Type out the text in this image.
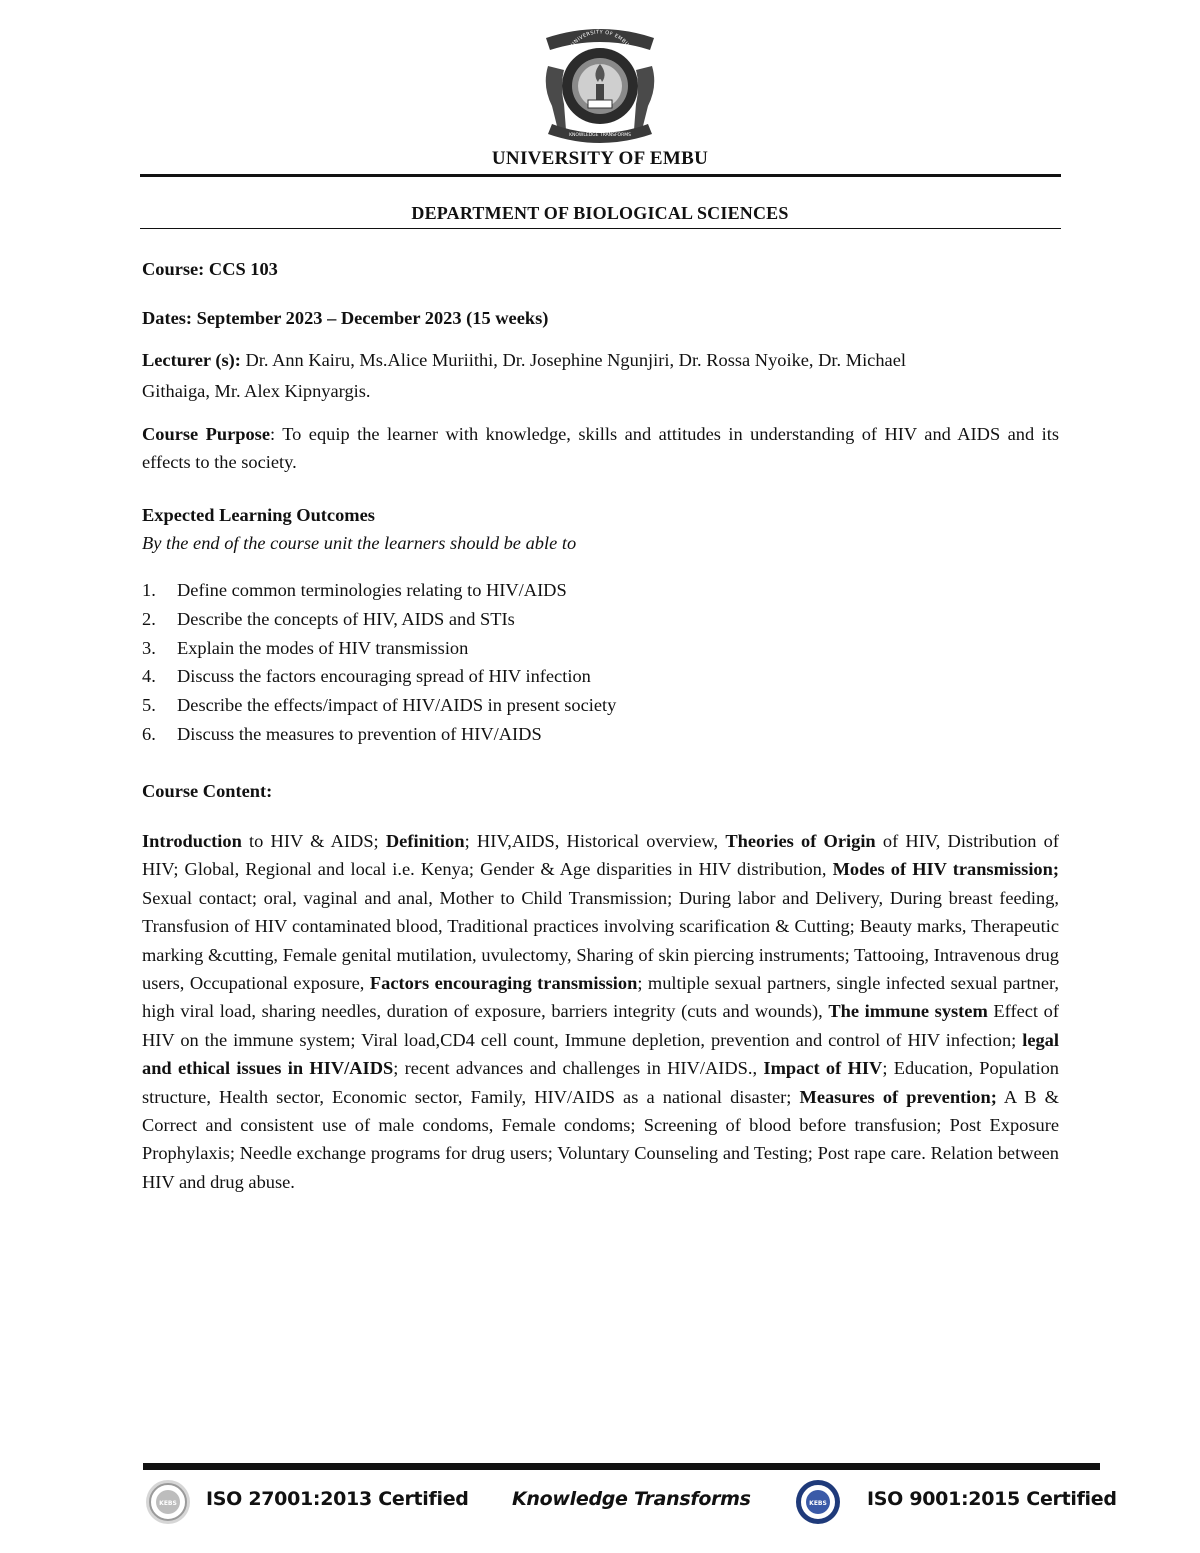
UNIVERSITY OF EMBU
KNOWLEDGE TRANSFORMS
UNIVERSITY OF EMBU
DEPARTMENT OF BIOLOGICAL SCIENCES
Course: CCS 103
Dates: September 2023 – December 2023 (15 weeks)
Lecturer (s): Dr. Ann Kairu, Ms.Alice Muriithi, Dr. Josephine Ngunjiri, Dr. Rossa Nyoike, Dr. Michael
Githaiga, Mr. Alex Kipnyargis.
Course Purpose: To equip the learner with knowledge, skills and attitudes in understanding of HIV and AIDS and its effects to the society.
Expected Learning Outcomes
By the end of the course unit the learners should be able to
1. Define common terminologies relating to HIV/AIDS
2. Describe the concepts of HIV, AIDS and STIs
3. Explain the modes of HIV transmission
4. Discuss the factors encouraging spread of HIV infection
5. Describe the effects/impact of HIV/AIDS in present society
6. Discuss the measures to prevention of HIV/AIDS
Course Content:
Introduction to HIV & AIDS; Definition; HIV,AIDS, Historical overview, Theories of Origin of HIV, Distribution of HIV; Global, Regional and local i.e. Kenya; Gender & Age disparities in HIV distribution, Modes of HIV transmission; Sexual contact; oral, vaginal and anal, Mother to Child Transmission; During labor and Delivery, During breast feeding, Transfusion of HIV contaminated blood, Traditional practices involving scarification & Cutting; Beauty marks, Therapeutic marking &cutting, Female genital mutilation, uvulectomy, Sharing of skin piercing instruments; Tattooing, Intravenous drug users, Occupational exposure, Factors encouraging transmission; multiple sexual partners, single infected sexual partner, high viral load, sharing needles, duration of exposure, barriers integrity (cuts and wounds), The immune system Effect of HIV on the immune system; Viral load,CD4 cell count, Immune depletion, prevention and control of HIV infection; legal and ethical issues in HIV/AIDS; recent advances and challenges in HIV/AIDS., Impact of HIV; Education, Population structure, Health sector, Economic sector, Family, HIV/AIDS as a national disaster; Measures of prevention; A B & Correct and consistent use of male condoms, Female condoms; Screening of blood before transfusion; Post Exposure Prophylaxis; Needle exchange programs for drug users; Voluntary Counseling and Testing; Post rape care. Relation between HIV and drug abuse.
KEBS ISO 27001:2013 Certified Knowledge Transforms	KEBS ISO 9001:2015 Certified
